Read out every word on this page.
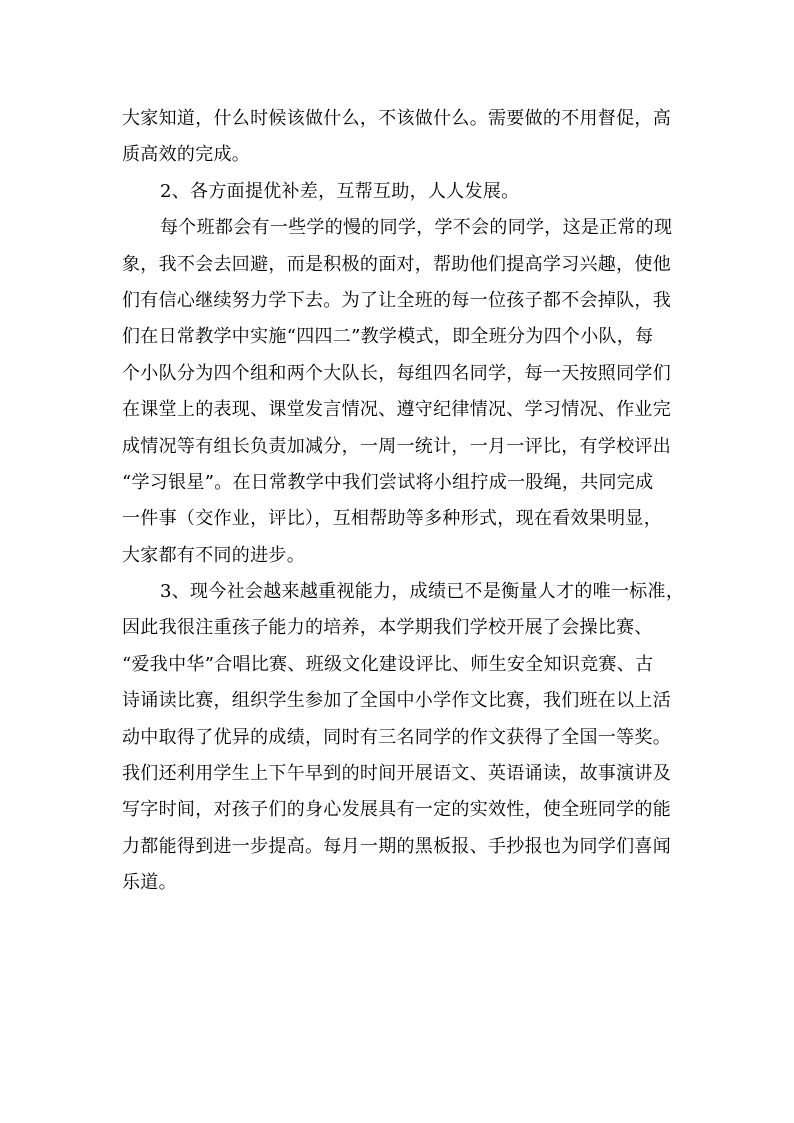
大家知道，什么时候该做什么，不该做什么。需要做的不用督促，高
质高效的完成。

2、各方面提优补差，互帮互助，人人发展。

每个班都会有一些学的慢的同学，学不会的同学，这是正常的现
象，我不会去回避，而是积极的面对，帮助他们提高学习兴趣，使他
们有信心继续努力学下去。为了让全班的每一位孩子都不会掉队，我
们在日常教学中实施“四四二”教学模式，即全班分为四个小队，每
个小队分为四个组和两个大队长，每组四名同学，每一天按照同学们
在课堂上的表现、课堂发言情况、遵守纪律情况、学习情况、作业完
成情况等有组长负责加减分，一周一统计，一月一评比，有学校评出
“学习银星”。在日常教学中我们尝试将小组拧成一股绳，共同完成
一件事（交作业，评比），互相帮助等多种形式，现在看效果明显，
大家都有不同的进步。

3、现今社会越来越重视能力，成绩已不是衡量人才的唯一标准，
因此我很注重孩子能力的培养，本学期我们学校开展了会操比赛、
“爱我中华”合唱比赛、班级文化建设评比、师生安全知识竞赛、古
诗诵读比赛，组织学生参加了全国中小学作文比赛，我们班在以上活
动中取得了优异的成绩，同时有三名同学的作文获得了全国一等奖。
我们还利用学生上下午早到的时间开展语文、英语诵读，故事演讲及
写字时间，对孩子们的身心发展具有一定的实效性，使全班同学的能
力都能得到进一步提高。每月一期的黑板报、手抄报也为同学们喜闻
乐道。
